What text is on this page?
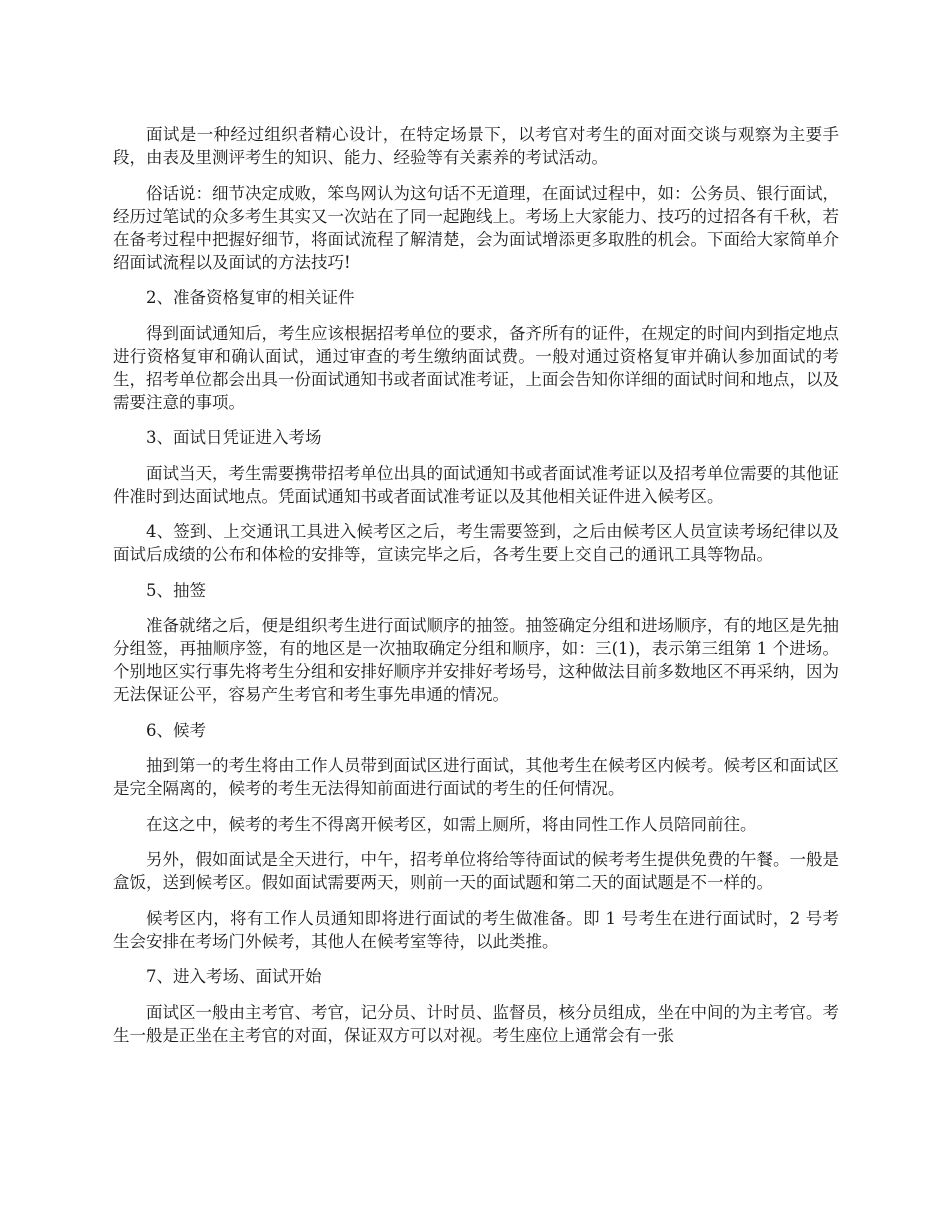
面试是一种经过组织者精心设计，在特定场景下，以考官对考生的面对面交谈与观察为主要手段，由表及里测评考生的知识、能力、经验等有关素养的考试活动。

俗话说：细节决定成败，笨鸟网认为这句话不无道理，在面试过程中，如：公务员、银行面试，经历过笔试的众多考生其实又一次站在了同一起跑线上。考场上大家能力、技巧的过招各有千秋，若在备考过程中把握好细节，将面试流程了解清楚，会为面试增添更多取胜的机会。下面给大家简单介绍面试流程以及面试的方法技巧!

2、准备资格复审的相关证件

得到面试通知后，考生应该根据招考单位的要求，备齐所有的证件，在规定的时间内到指定地点进行资格复审和确认面试，通过审查的考生缴纳面试费。一般对通过资格复审并确认参加面试的考生，招考单位都会出具一份面试通知书或者面试准考证，上面会告知你详细的面试时间和地点，以及需要注意的事项。

3、面试日凭证进入考场

面试当天，考生需要携带招考单位出具的面试通知书或者面试准考证以及招考单位需要的其他证件准时到达面试地点。凭面试通知书或者面试准考证以及其他相关证件进入候考区。

4、签到、上交通讯工具进入候考区之后，考生需要签到，之后由候考区人员宣读考场纪律以及面试后成绩的公布和体检的安排等，宣读完毕之后，各考生要上交自己的通讯工具等物品。

5、抽签

准备就绪之后，便是组织考生进行面试顺序的抽签。抽签确定分组和进场顺序，有的地区是先抽分组签，再抽顺序签，有的地区是一次抽取确定分组和顺序，如：三(1)，表示第三组第 1 个进场。个别地区实行事先将考生分组和安排好顺序并安排好考场号，这种做法目前多数地区不再采纳，因为无法保证公平，容易产生考官和考生事先串通的情况。

6、候考

抽到第一的考生将由工作人员带到面试区进行面试，其他考生在候考区内候考。候考区和面试区是完全隔离的，候考的考生无法得知前面进行面试的考生的任何情况。

在这之中，候考的考生不得离开候考区，如需上厕所，将由同性工作人员陪同前往。

另外，假如面试是全天进行，中午，招考单位将给等待面试的候考考生提供免费的午餐。一般是盒饭，送到候考区。假如面试需要两天，则前一天的面试题和第二天的面试题是不一样的。

候考区内，将有工作人员通知即将进行面试的考生做准备。即 1 号考生在进行面试时，2 号考生会安排在考场门外候考，其他人在候考室等待，以此类推。

7、进入考场、面试开始

面试区一般由主考官、考官，记分员、计时员、监督员，核分员组成，坐在中间的为主考官。考生一般是正坐在主考官的对面，保证双方可以对视。考生座位上通常会有一张
